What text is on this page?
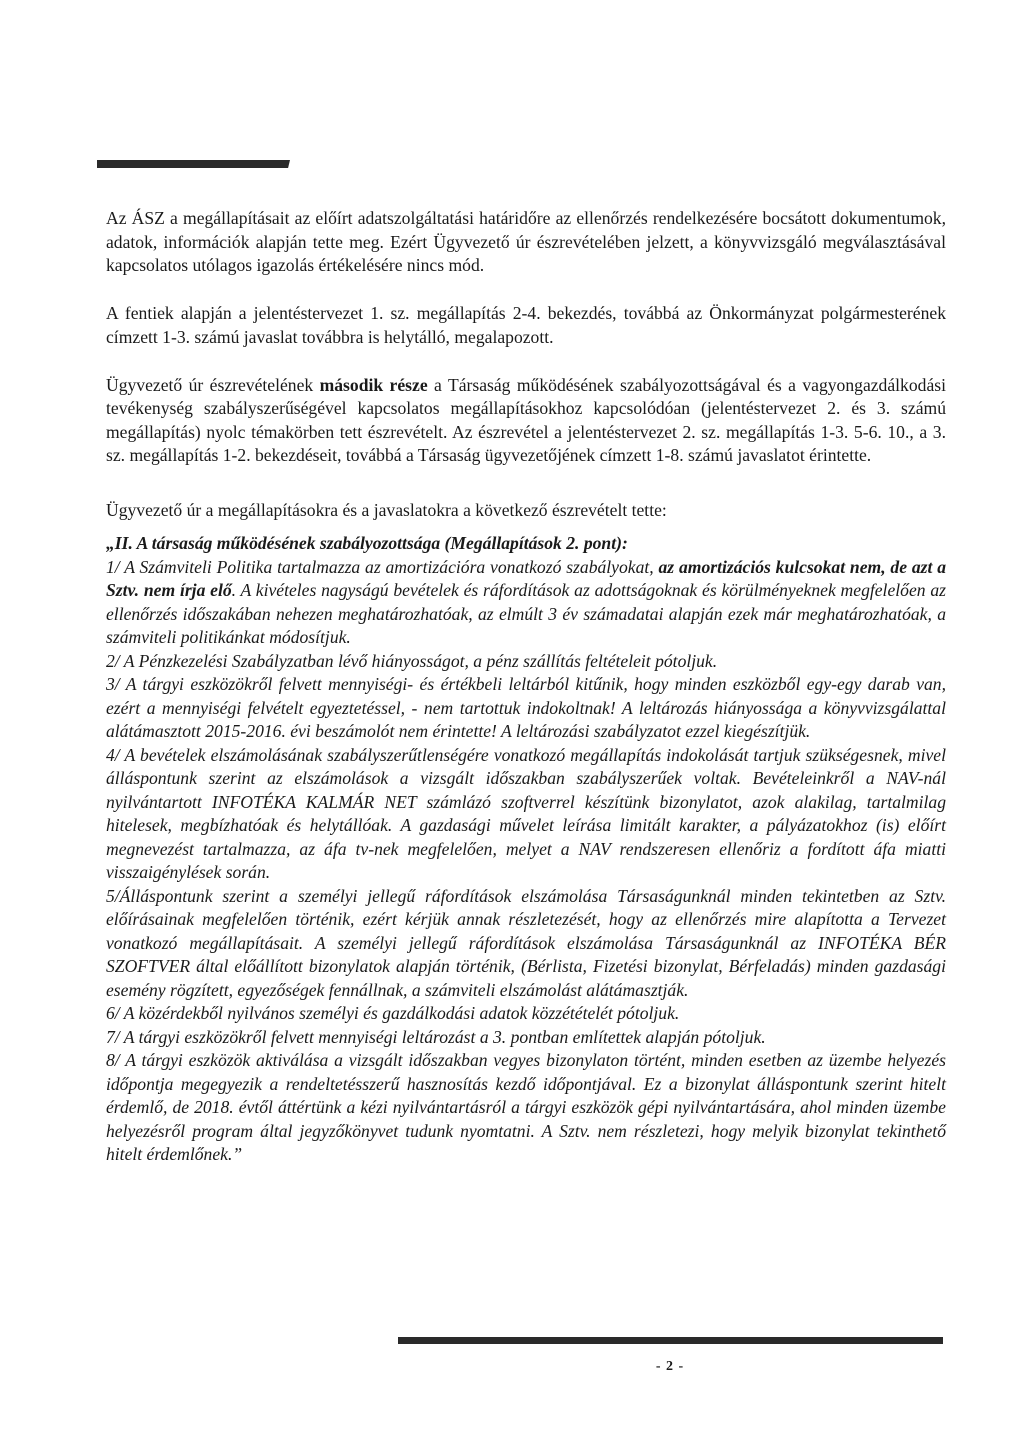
Az ÁSZ a megállapításait az előírt adatszolgáltatási határidőre az ellenőrzés rendelkezésére bocsátott dokumentumok, adatok, információk alapján tette meg. Ezért Ügyvezető úr észrevételében jelzett, a könyvvizsgáló megválasztásával kapcsolatos utólagos igazolás értékelésére nincs mód.

A fentiek alapján a jelentéstervezet 1. sz. megállapítás 2-4. bekezdés, továbbá az Önkormányzat polgármesterének címzett 1-3. számú javaslat továbbra is helytálló, megalapozott.

Ügyvezető úr észrevételének második része a Társaság működésének szabályozottságával és a vagyongazdálkodási tevékenység szabályszerűségével kapcsolatos megállapításokhoz kapcsolódóan (jelentéstervezet 2. és 3. számú megállapítás) nyolc témakörben tett észrevételt. Az észrevétel a jelentéstervezet 2. sz. megállapítás 1-3. 5-6. 10., a 3. sz. megállapítás 1-2. bekezdéseit, továbbá a Társaság ügyvezetőjének címzett 1-8. számú javaslatot érintette.

Ügyvezető úr a megállapításokra és a javaslatokra a következő észrevételt tette:

„II. A társaság működésének szabályozottsága (Megállapítások 2. pont):

1/ A Számviteli Politika tartalmazza az amortizációra vonatkozó szabályokat, az amortizációs kulcsokat nem, de azt a Sztv. nem írja elő. A kivételes nagyságú bevételek és ráfordítások az adottságoknak és körülményeknek megfelelően az ellenőrzés időszakában nehezen meghatározhatóak, az elmúlt 3 év számadatai alapján ezek már meghatározhatóak, a számviteli politikánkat módosítjuk.

2/ A Pénzkezelési Szabályzatban lévő hiányosságot, a pénz szállítás feltételeit pótoljuk.

3/ A tárgyi eszközökről felvett mennyiségi- és értékbeli leltárból kitűnik, hogy minden eszközből egy-egy darab van, ezért a mennyiségi felvételt egyeztetéssel, - nem tartottuk indokoltnak! A leltározás hiányossága a könyvvizsgálattal alátámasztott 2015-2016. évi beszámolót nem érintette! A leltározási szabályzatot ezzel kiegészítjük.

4/ A bevételek elszámolásának szabályszerűtlenségére vonatkozó megállapítás indokolását tartjuk szükségesnek, mivel álláspontunk szerint az elszámolások a vizsgált időszakban szabályszerűek voltak. Bevételeinkről a NAV-nál nyilvántartott INFOTÉKA KALMÁR NET számlázó szoftverrel készítünk bizonylatot, azok alakilag, tartalmilag hitelesek, megbízhatóak és helytállóak. A gazdasági művelet leírása limitált karakter, a pályázatokhoz (is) előírt megnevezést tartalmazza, az áfa tv-nek megfelelően, melyet a NAV rendszeresen ellenőriz a fordított áfa miatti visszaigénylések során.

5/Álláspontunk szerint a személyi jellegű ráfordítások elszámolása Társaságunknál minden tekintetben az Sztv. előírásainak megfelelően történik, ezért kérjük annak részletezését, hogy az ellenőrzés mire alapította a Tervezet vonatkozó megállapításait. A személyi jellegű ráfordítások elszámolása Társaságunknál az INFOTÉKA BÉR SZOFTVER által előállított bizonylatok alapján történik, (Bérlista, Fizetési bizonylat, Bérfeladás) minden gazdasági esemény rögzített, egyezőségek fennállnak, a számviteli elszámolást alátámasztják.

6/ A közérdekből nyilvános személyi és gazdálkodási adatok közzétételét pótoljuk.

7/ A tárgyi eszközökről felvett mennyiségi leltározást a 3. pontban említettek alapján pótoljuk.

8/ A tárgyi eszközök aktiválása a vizsgált időszakban vegyes bizonylaton történt, minden esetben az üzembe helyezés időpontja megegyezik a rendeltetésszerű hasznosítás kezdő időpontjával. Ez a bizonylat álláspontunk szerint hitelt érdemlő, de 2018. évtől áttértünk a kézi nyilvántartásról a tárgyi eszközök gépi nyilvántartására, ahol minden üzembe helyezésről program által jegyzőkönyvet tudunk nyomtatni. A Sztv. nem részletezi, hogy melyik bizonylat tekinthető hitelt érdemlőnek.”

- 2 -
